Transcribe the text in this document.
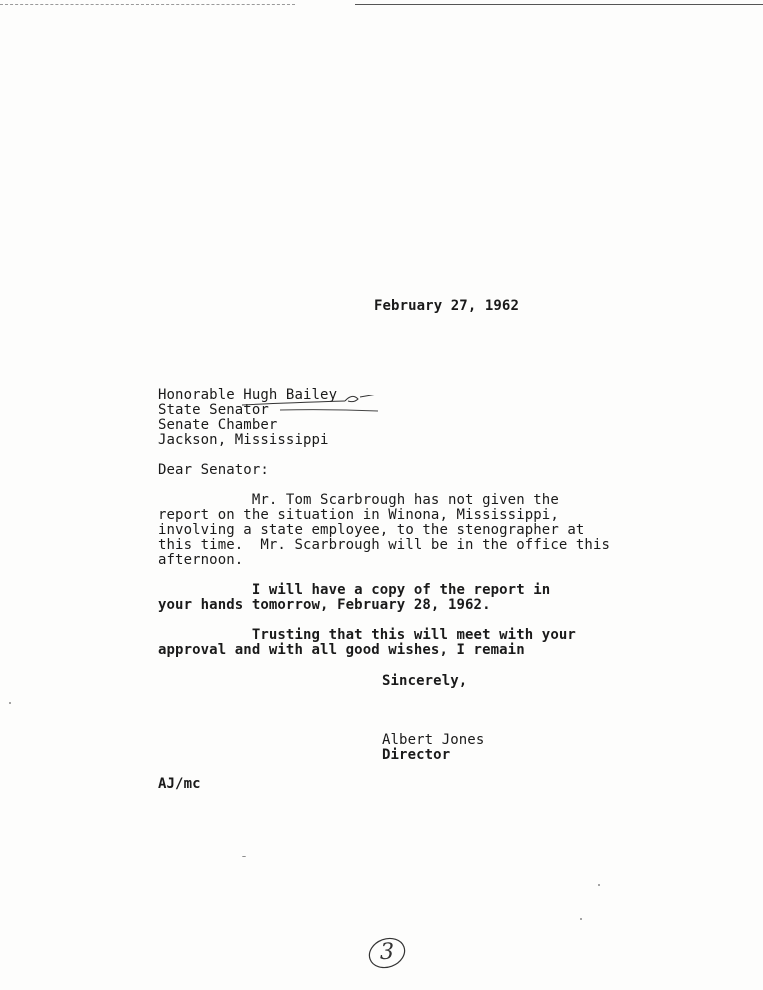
February 27, 1962
Honorable Hugh Bailey
State Senator
Senate Chamber
Jackson, Mississippi
Dear Senator:
Mr. Tom Scarbrough has not given the
report on the situation in Winona, Mississippi,
involving a state employee, to the stenographer at
this time.  Mr. Scarbrough will be in the office this
afternoon.
I will have a copy of the report in
your hands tomorrow, February 28, 1962.
Trusting that this will meet with your
approval and with all good wishes, I remain
Sincerely,
Albert Jones
Director
AJ/mc
3
